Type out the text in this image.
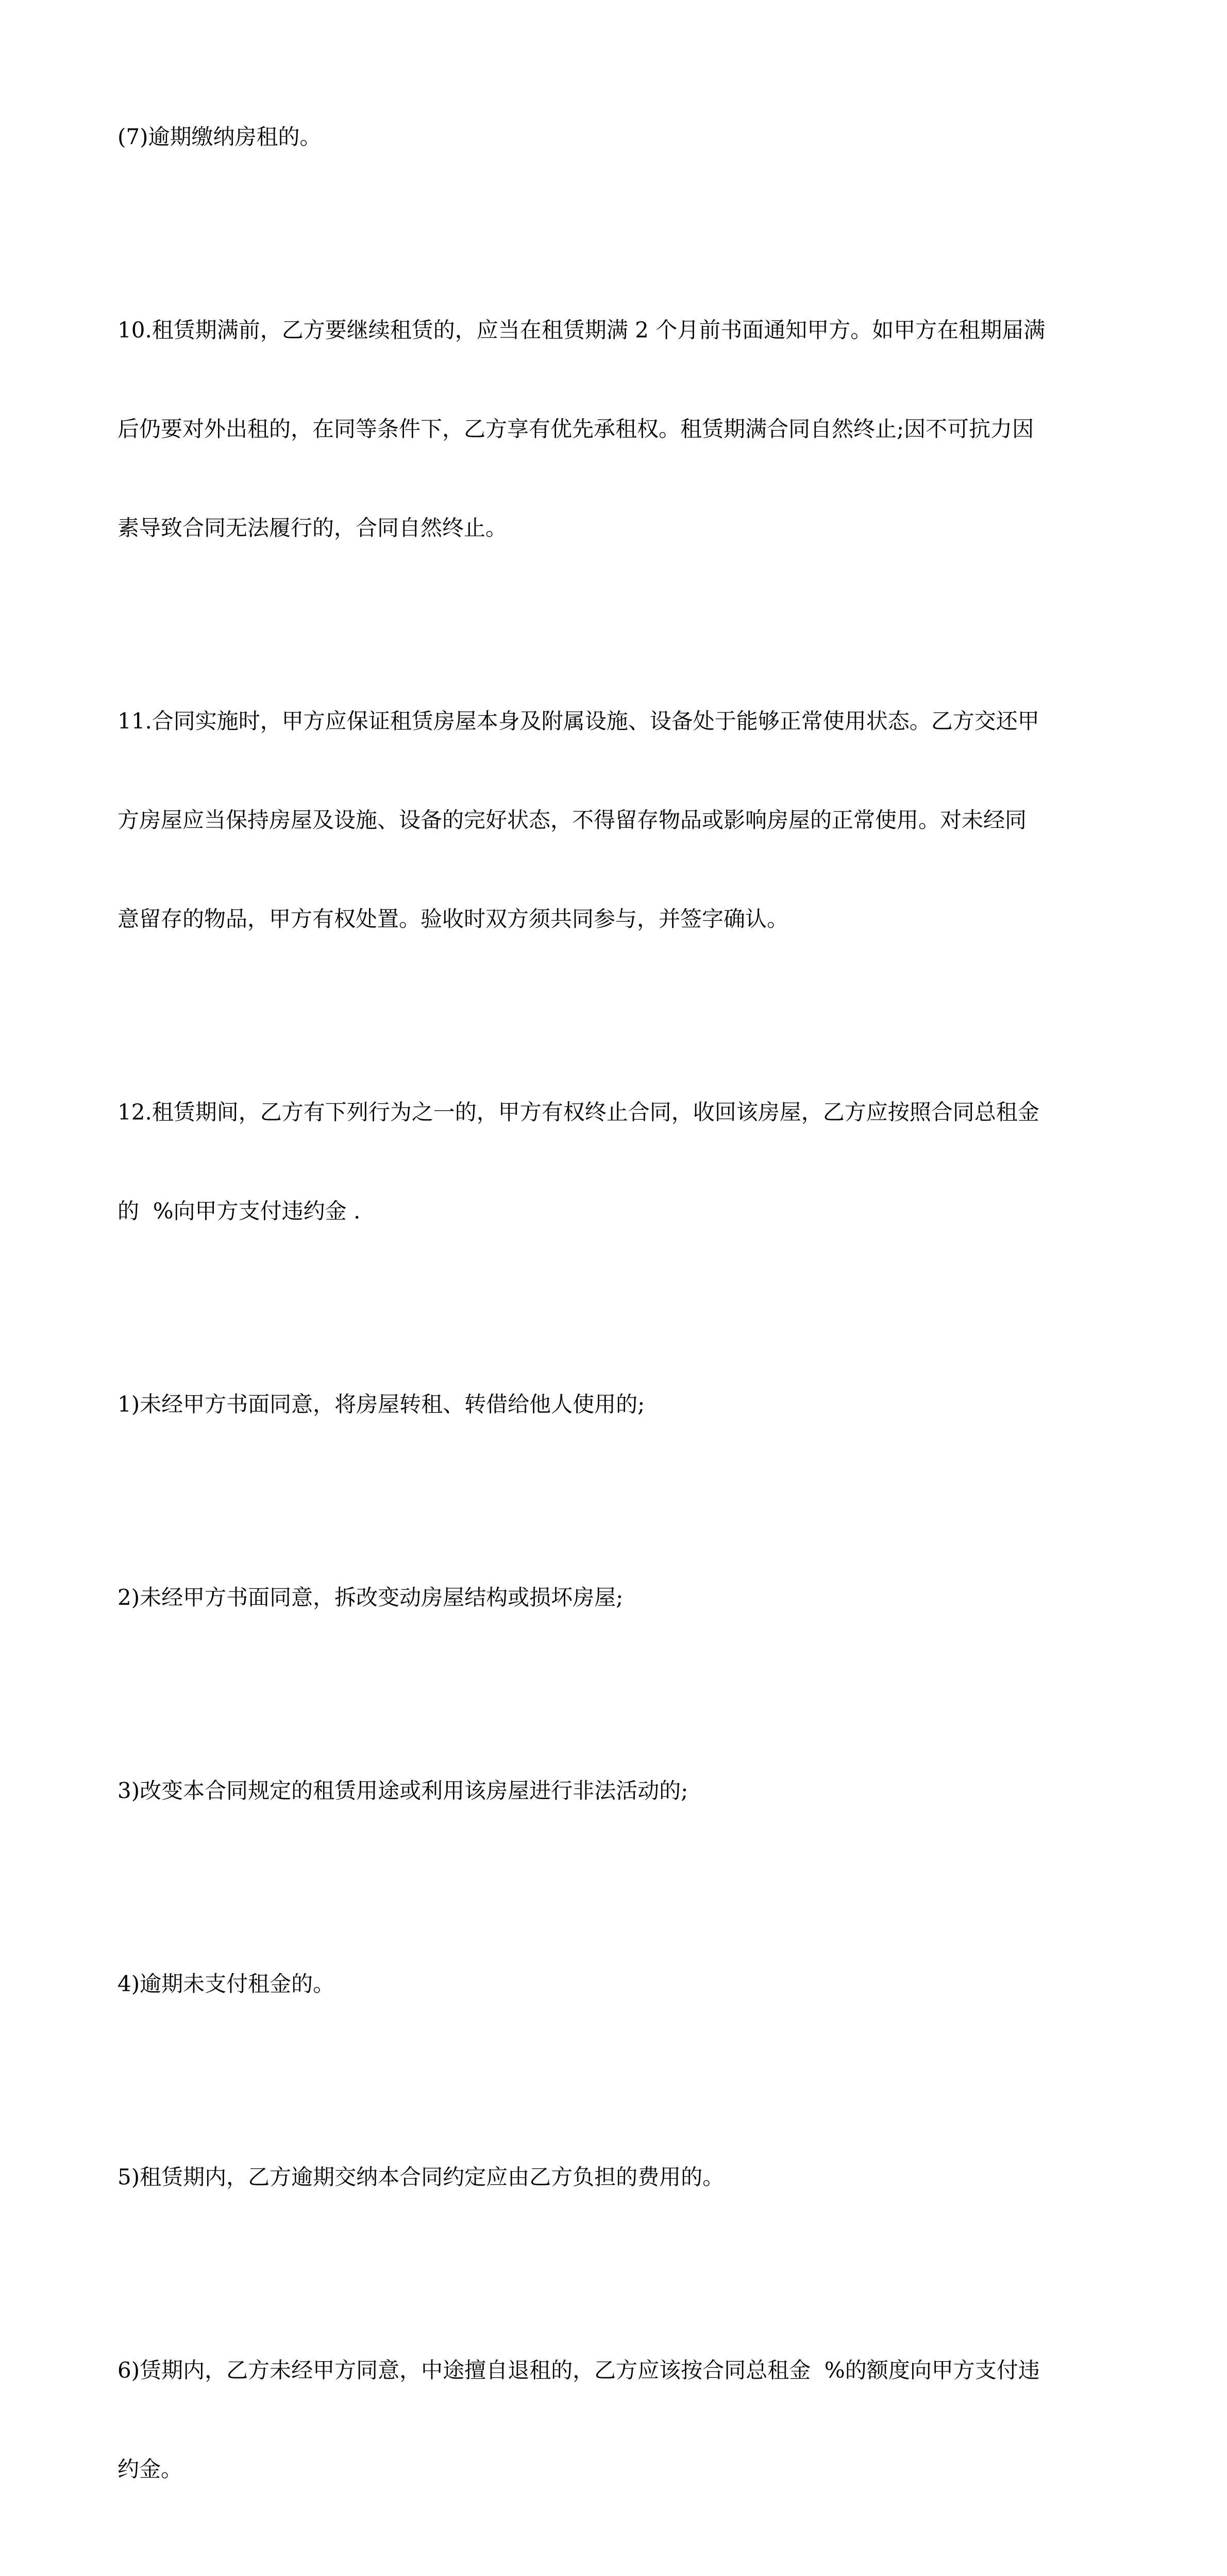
(7)逾期缴纳房租的。

10.租赁期满前，乙方要继续租赁的，应当在租赁期满 2 个月前书面通知甲方。如甲方在租期届满

后仍要对外出租的，在同等条件下，乙方享有优先承租权。租赁期满合同自然终止;因不可抗力因

素导致合同无法履行的，合同自然终止。

11.合同实施时，甲方应保证租赁房屋本身及附属设施、设备处于能够正常使用状态。乙方交还甲

方房屋应当保持房屋及设施、设备的完好状态，不得留存物品或影响房屋的正常使用。对未经同

意留存的物品，甲方有权处置。验收时双方须共同参与，并签字确认。

12.租赁期间，乙方有下列行为之一的，甲方有权终止合同，收回该房屋，乙方应按照合同总租金

的  %向甲方支付违约金 .

1)未经甲方书面同意，将房屋转租、转借给他人使用的;

2)未经甲方书面同意，拆改变动房屋结构或损坏房屋;

3)改变本合同规定的租赁用途或利用该房屋进行非法活动的;

4)逾期未支付租金的。

5)租赁期内，乙方逾期交纳本合同约定应由乙方负担的费用的。

6)赁期内，乙方未经甲方同意，中途擅自退租的，乙方应该按合同总租金  %的额度向甲方支付违

约金。
